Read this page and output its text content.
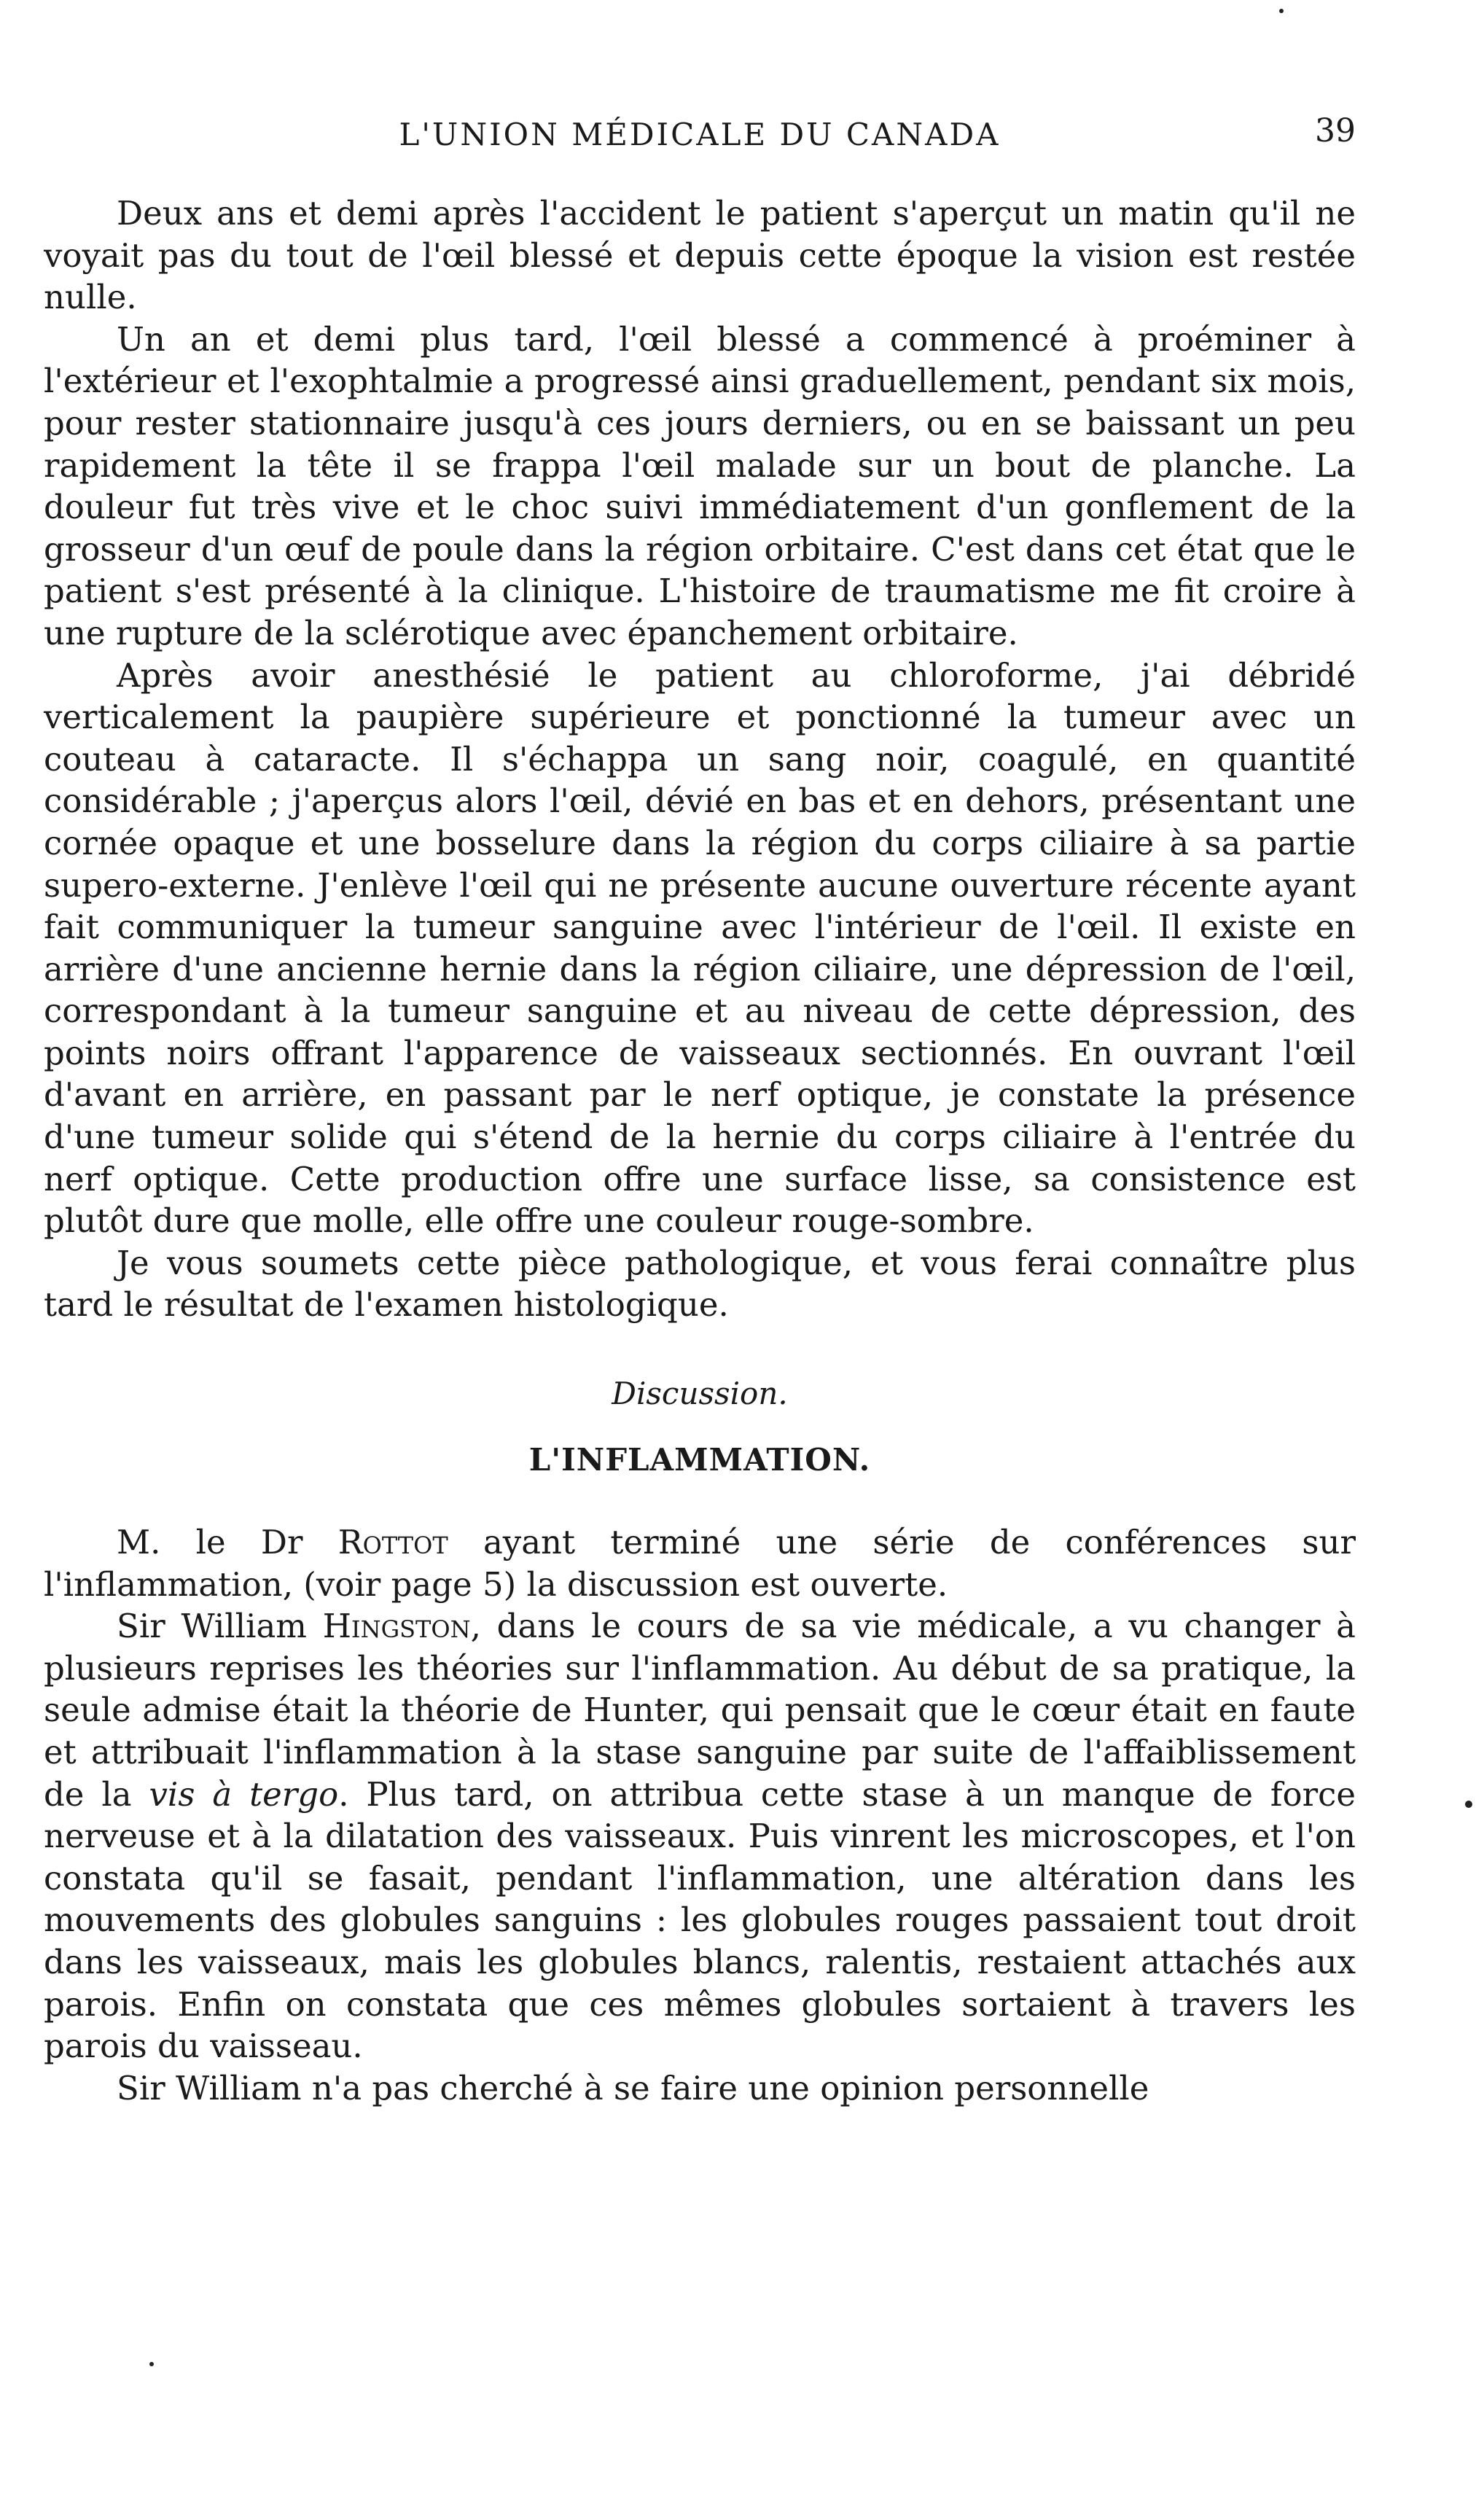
L'UNION MÉDICALE DU CANADA	39

Deux ans et demi après l'accident le patient s'aperçut un matin qu'il ne voyait pas du tout de l'œil blessé et depuis cette époque la vision est restée nulle.

Un an et demi plus tard, l'œil blessé a commencé à proéminer à l'extérieur et l'exophtalmie a progressé ainsi graduellement, pendant six mois, pour rester stationnaire jusqu'à ces jours derniers, ou en se baissant un peu rapidement la tête il se frappa l'œil malade sur un bout de planche. La douleur fut très vive et le choc suivi immédiatement d'un gonflement de la grosseur d'un œuf de poule dans la région orbitaire. C'est dans cet état que le patient s'est présenté à la clinique. L'histoire de traumatisme me fit croire à une rupture de la sclérotique avec épanchement orbitaire.

Après avoir anesthésié le patient au chloroforme, j'ai débridé verticalement la paupière supérieure et ponctionné la tumeur avec un couteau à cataracte. Il s'échappa un sang noir, coagulé, en quantité considérable ; j'aperçus alors l'œil, dévié en bas et en dehors, présentant une cornée opaque et une bosselure dans la région du corps ciliaire à sa partie supero-externe. J'enlève l'œil qui ne présente aucune ouverture récente ayant fait communiquer la tumeur sanguine avec l'intérieur de l'œil. Il existe en arrière d'une ancienne hernie dans la région ciliaire, une dépression de l'œil, correspondant à la tumeur sanguine et au niveau de cette dépression, des points noirs offrant l'apparence de vaisseaux sectionnés. En ouvrant l'œil d'avant en arrière, en passant par le nerf optique, je constate la présence d'une tumeur solide qui s'étend de la hernie du corps ciliaire à l'entrée du nerf optique. Cette production offre une surface lisse, sa consistence est plutôt dure que molle, elle offre une couleur rouge-sombre.

Je vous soumets cette pièce pathologique, et vous ferai connaître plus tard le résultat de l'examen histologique.

Discussion.
L'INFLAMMATION.

M. le Dr Rottot ayant terminé une série de conférences sur l'inflammation, (voir page 5) la discussion est ouverte.

Sir William Hingston, dans le cours de sa vie médicale, a vu changer à plusieurs reprises les théories sur l'inflammation. Au début de sa pratique, la seule admise était la théorie de Hunter, qui pensait que le cœur était en faute et attribuait l'inflammation à la stase sanguine par suite de l'affaiblissement de la vis à tergo. Plus tard, on attribua cette stase à un manque de force nerveuse et à la dilatation des vaisseaux. Puis vinrent les microscopes, et l'on constata qu'il se fasait, pendant l'inflammation, une altération dans les mouvements des globules sanguins : les globules rouges passaient tout droit dans les vaisseaux, mais les globules blancs, ralentis, restaient attachés aux parois. Enfin on constata que ces mêmes globules sortaient à travers les parois du vaisseau.

Sir William n'a pas cherché à se faire une opinion personnelle
